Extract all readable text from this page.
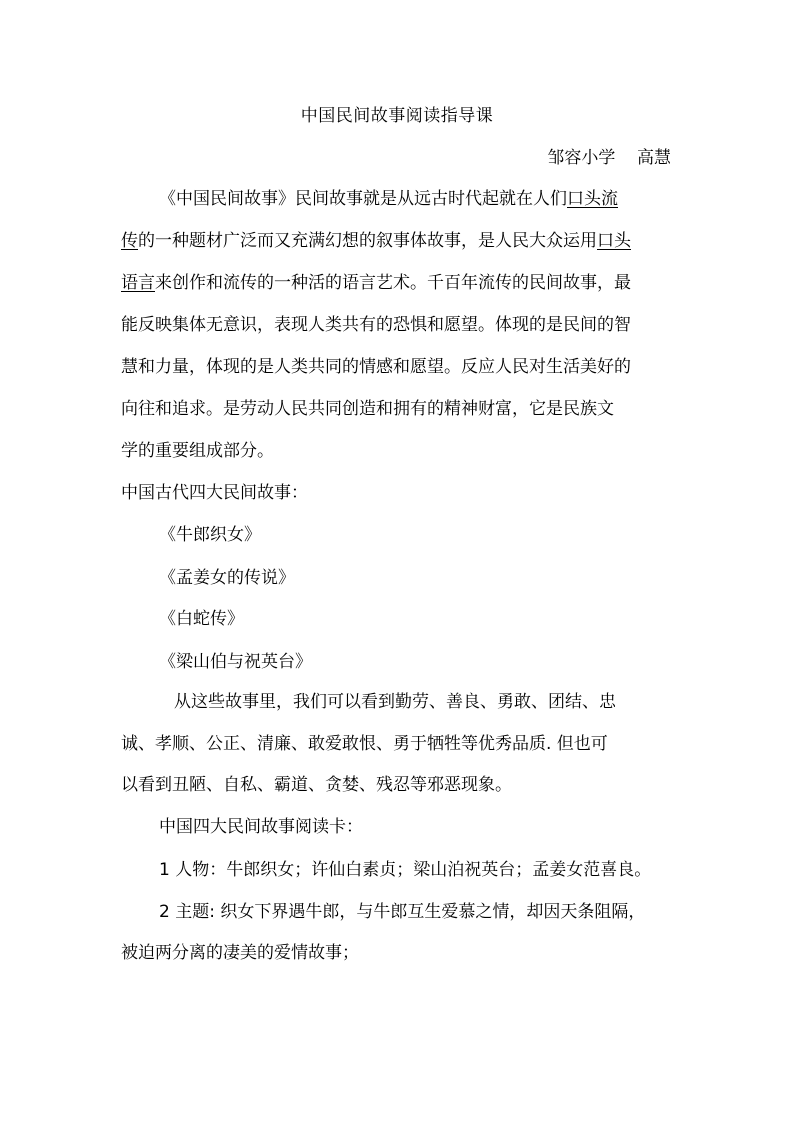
中国民间故事阅读指导课
邹容小学    高慧
《中国民间故事》民间故事就是从远古时代起就在人们口头流
传的一种题材广泛而又充满幻想的叙事体故事，是人民大众运用口头
语言来创作和流传的一种活的语言艺术。千百年流传的民间故事，最
能反映集体无意识，表现人类共有的恐惧和愿望。体现的是民间的智
慧和力量，体现的是人类共同的情感和愿望。反应人民对生活美好的
向往和追求。是劳动人民共同创造和拥有的精神财富，它是民族文
学的重要组成部分。
中国古代四大民间故事：
《牛郎织女》
《孟姜女的传说》
《白蛇传》
《梁山伯与祝英台》
从这些故事里，我们可以看到勤劳、善良、勇敢、团结、忠
诚、孝顺、公正、清廉、敢爱敢恨、勇于牺牲等优秀品质. 但也可
以看到丑陋、自私、霸道、贪婪、残忍等邪恶现象。
中国四大民间故事阅读卡：
1 人物：牛郎织女；许仙白素贞；梁山泊祝英台；孟姜女范喜良。
2 主题: 织女下界遇牛郎，与牛郎互生爱慕之情，却因天条阻隔，
被迫两分离的凄美的爱情故事；
